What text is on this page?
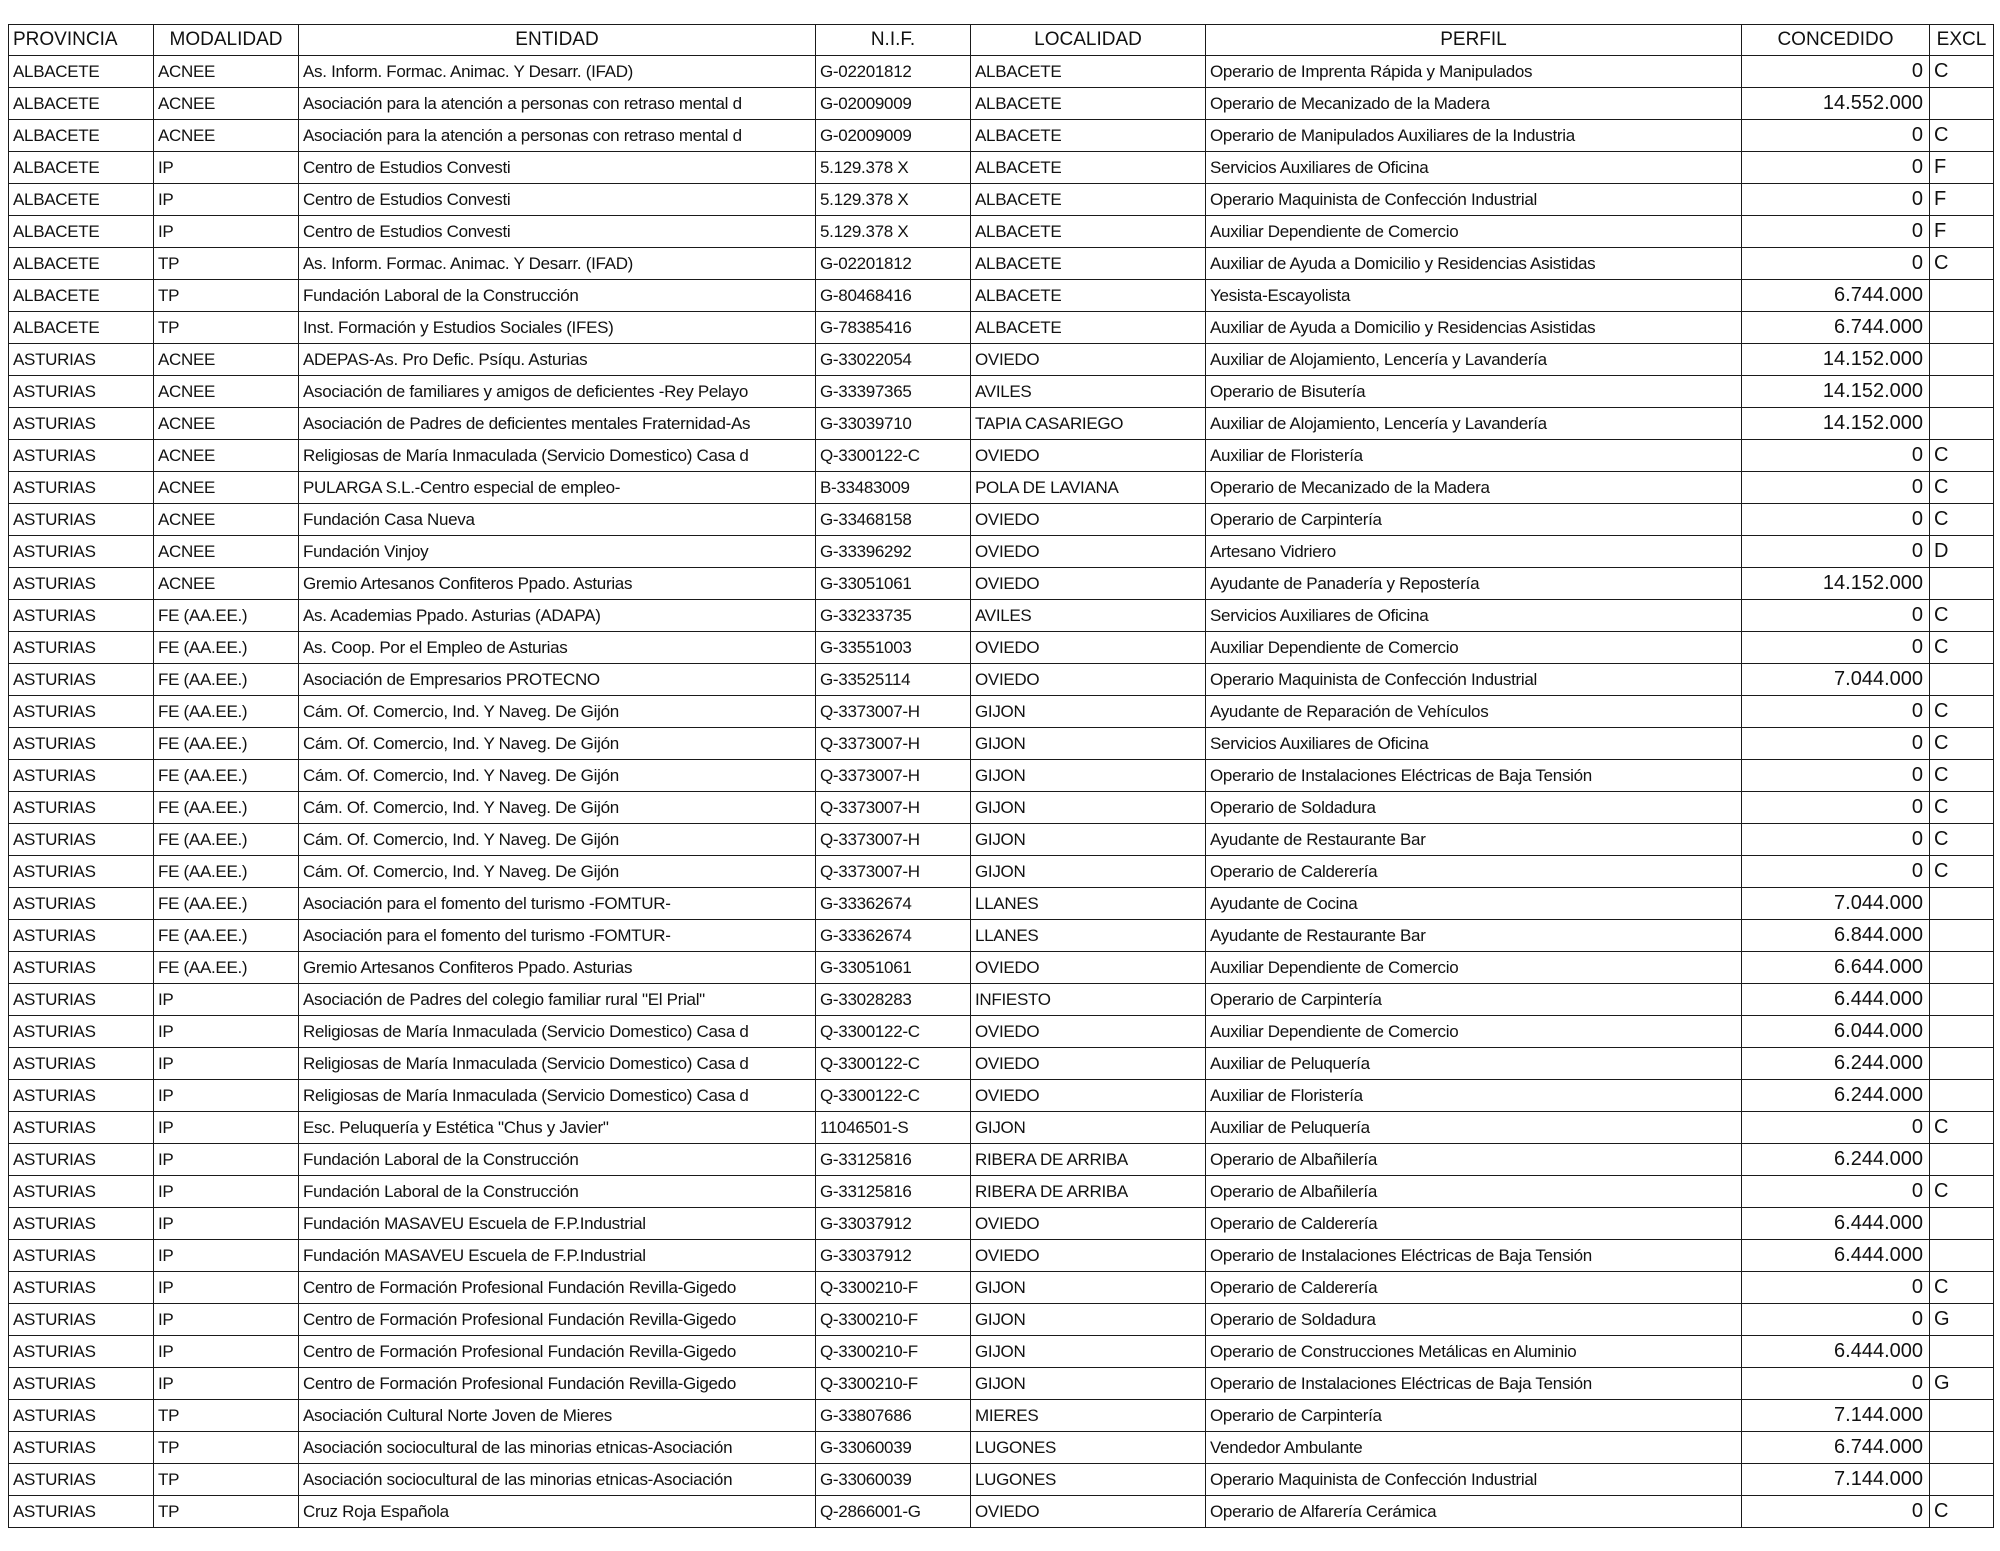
PROVINCIA	MODALIDAD	ENTIDAD	N.I.F.	LOCALIDAD	PERFIL	CONCEDIDO	EXCL
ALBACETE	ACNEE	As. Inform. Formac. Animac. Y Desarr. (IFAD)	G-02201812	ALBACETE	Operario de Imprenta Rápida y Manipulados	0	C
ALBACETE	ACNEE	Asociación para la atención a personas con retraso mental d	G-02009009	ALBACETE	Operario de Mecanizado de la Madera	14.552.000	
ALBACETE	ACNEE	Asociación para la atención a personas con retraso mental d	G-02009009	ALBACETE	Operario de Manipulados Auxiliares de la Industria	0	C
ALBACETE	IP	Centro de Estudios Convesti	5.129.378 X	ALBACETE	Servicios Auxiliares de Oficina	0	F
ALBACETE	IP	Centro de Estudios Convesti	5.129.378 X	ALBACETE	Operario Maquinista de Confección Industrial	0	F
ALBACETE	IP	Centro de Estudios Convesti	5.129.378 X	ALBACETE	Auxiliar Dependiente de Comercio	0	F
ALBACETE	TP	As. Inform. Formac. Animac. Y Desarr. (IFAD)	G-02201812	ALBACETE	Auxiliar de Ayuda a Domicilio y Residencias Asistidas	0	C
ALBACETE	TP	Fundación Laboral de la Construcción	G-80468416	ALBACETE	Yesista-Escayolista	6.744.000	
ALBACETE	TP	Inst. Formación y Estudios Sociales (IFES)	G-78385416	ALBACETE	Auxiliar de Ayuda a Domicilio y Residencias Asistidas	6.744.000	
ASTURIAS	ACNEE	ADEPAS-As. Pro Defic. Psíqu. Asturias	G-33022054	OVIEDO	Auxiliar de Alojamiento, Lencería y Lavandería	14.152.000	
ASTURIAS	ACNEE	Asociación de familiares y amigos de deficientes -Rey Pelayo	G-33397365	AVILES	Operario de Bisutería	14.152.000	
ASTURIAS	ACNEE	Asociación de Padres de deficientes mentales Fraternidad-As	G-33039710	TAPIA CASARIEGO	Auxiliar de Alojamiento, Lencería y Lavandería	14.152.000	
ASTURIAS	ACNEE	Religiosas de María Inmaculada (Servicio Domestico) Casa d	Q-3300122-C	OVIEDO	Auxiliar de Floristería	0	C
ASTURIAS	ACNEE	PULARGA S.L.-Centro especial de empleo-	B-33483009	POLA DE LAVIANA	Operario de Mecanizado de la Madera	0	C
ASTURIAS	ACNEE	Fundación Casa Nueva	G-33468158	OVIEDO	Operario de Carpintería	0	C
ASTURIAS	ACNEE	Fundación Vinjoy	G-33396292	OVIEDO	Artesano Vidriero	0	D
ASTURIAS	ACNEE	Gremio Artesanos Confiteros Ppado. Asturias	G-33051061	OVIEDO	Ayudante de Panadería y Repostería	14.152.000	
ASTURIAS	FE (AA.EE.)	As. Academias Ppado. Asturias (ADAPA)	G-33233735	AVILES	Servicios Auxiliares de Oficina	0	C
ASTURIAS	FE (AA.EE.)	As. Coop. Por el Empleo de Asturias	G-33551003	OVIEDO	Auxiliar Dependiente de Comercio	0	C
ASTURIAS	FE (AA.EE.)	Asociación de Empresarios PROTECNO	G-33525114	OVIEDO	Operario Maquinista de Confección Industrial	7.044.000	
ASTURIAS	FE (AA.EE.)	Cám. Of. Comercio, Ind. Y Naveg. De Gijón	Q-3373007-H	GIJON	Ayudante de Reparación de Vehículos	0	C
ASTURIAS	FE (AA.EE.)	Cám. Of. Comercio, Ind. Y Naveg. De Gijón	Q-3373007-H	GIJON	Servicios Auxiliares de Oficina	0	C
ASTURIAS	FE (AA.EE.)	Cám. Of. Comercio, Ind. Y Naveg. De Gijón	Q-3373007-H	GIJON	Operario de Instalaciones Eléctricas de Baja Tensión	0	C
ASTURIAS	FE (AA.EE.)	Cám. Of. Comercio, Ind. Y Naveg. De Gijón	Q-3373007-H	GIJON	Operario de Soldadura	0	C
ASTURIAS	FE (AA.EE.)	Cám. Of. Comercio, Ind. Y Naveg. De Gijón	Q-3373007-H	GIJON	Ayudante de Restaurante Bar	0	C
ASTURIAS	FE (AA.EE.)	Cám. Of. Comercio, Ind. Y Naveg. De Gijón	Q-3373007-H	GIJON	Operario de Calderería	0	C
ASTURIAS	FE (AA.EE.)	Asociación para el fomento del turismo -FOMTUR-	G-33362674	LLANES	Ayudante de Cocina	7.044.000	
ASTURIAS	FE (AA.EE.)	Asociación para el fomento del turismo -FOMTUR-	G-33362674	LLANES	Ayudante de Restaurante Bar	6.844.000	
ASTURIAS	FE (AA.EE.)	Gremio Artesanos Confiteros Ppado. Asturias	G-33051061	OVIEDO	Auxiliar Dependiente de Comercio	6.644.000	
ASTURIAS	IP	Asociación de Padres del colegio familiar rural "El Prial"	G-33028283	INFIESTO	Operario de Carpintería	6.444.000	
ASTURIAS	IP	Religiosas de María Inmaculada (Servicio Domestico) Casa d	Q-3300122-C	OVIEDO	Auxiliar Dependiente de Comercio	6.044.000	
ASTURIAS	IP	Religiosas de María Inmaculada (Servicio Domestico) Casa d	Q-3300122-C	OVIEDO	Auxiliar de Peluquería	6.244.000	
ASTURIAS	IP	Religiosas de María Inmaculada (Servicio Domestico) Casa d	Q-3300122-C	OVIEDO	Auxiliar de Floristería	6.244.000	
ASTURIAS	IP	Esc. Peluquería y Estética "Chus y Javier"	11046501-S	GIJON	Auxiliar de Peluquería	0	C
ASTURIAS	IP	Fundación Laboral de la Construcción	G-33125816	RIBERA DE ARRIBA	Operario de Albañilería	6.244.000	
ASTURIAS	IP	Fundación Laboral de la Construcción	G-33125816	RIBERA DE ARRIBA	Operario de Albañilería	0	C
ASTURIAS	IP	Fundación MASAVEU Escuela de F.P.Industrial	G-33037912	OVIEDO	Operario de Calderería	6.444.000	
ASTURIAS	IP	Fundación MASAVEU Escuela de F.P.Industrial	G-33037912	OVIEDO	Operario de Instalaciones Eléctricas de Baja Tensión	6.444.000	
ASTURIAS	IP	Centro de Formación Profesional Fundación Revilla-Gigedo	Q-3300210-F	GIJON	Operario de Calderería	0	C
ASTURIAS	IP	Centro de Formación Profesional Fundación Revilla-Gigedo	Q-3300210-F	GIJON	Operario de Soldadura	0	G
ASTURIAS	IP	Centro de Formación Profesional Fundación Revilla-Gigedo	Q-3300210-F	GIJON	Operario de Construcciones Metálicas en Aluminio	6.444.000	
ASTURIAS	IP	Centro de Formación Profesional Fundación Revilla-Gigedo	Q-3300210-F	GIJON	Operario de Instalaciones Eléctricas de Baja Tensión	0	G
ASTURIAS	TP	Asociación Cultural Norte Joven de Mieres	G-33807686	MIERES	Operario de Carpintería	7.144.000	
ASTURIAS	TP	Asociación sociocultural de las minorias etnicas-Asociación	G-33060039	LUGONES	Vendedor Ambulante	6.744.000	
ASTURIAS	TP	Asociación sociocultural de las minorias etnicas-Asociación	G-33060039	LUGONES	Operario Maquinista de Confección Industrial	7.144.000	
ASTURIAS	TP	Cruz Roja Española	Q-2866001-G	OVIEDO	Operario de Alfarería Cerámica	0	C
